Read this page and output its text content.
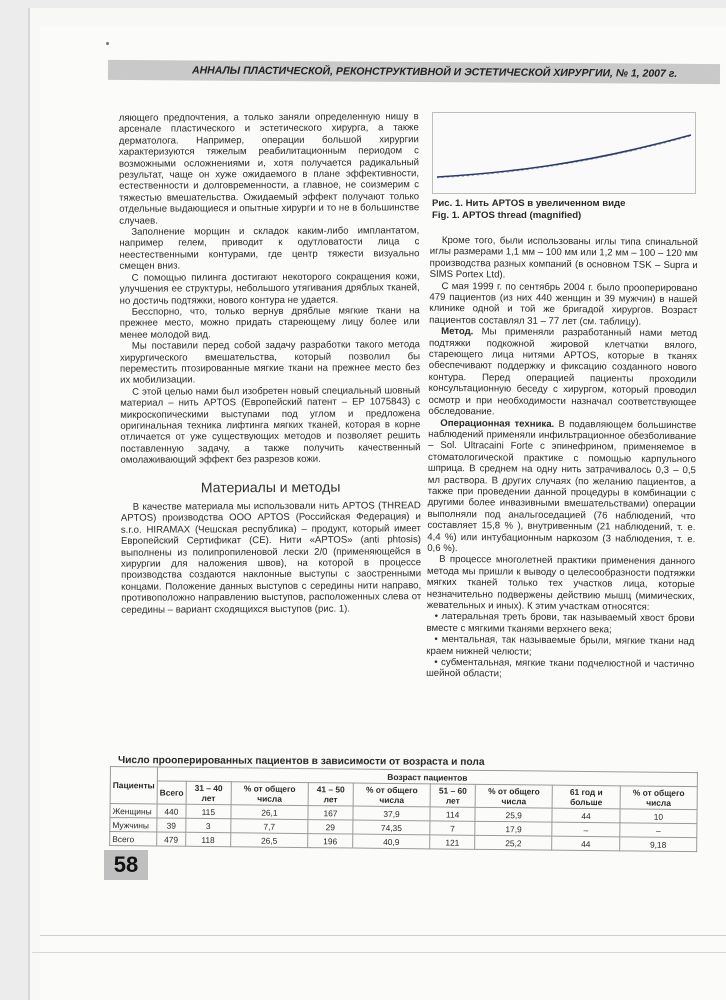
АННАЛЫ ПЛАСТИЧЕСКОЙ, РЕКОНСТРУКТИВНОЙ И ЭСТЕТИЧЕСКОЙ ХИРУРГИИ, № 1, 2007 г.

ляющего предпочтения, а только заняли определенную нишу в арсенале пластического и эстетического хирурга, а также дерматолога. Например, операции большой хирургии характеризуются тяжелым реабилитационным периодом с возможными осложнениями и, хотя получается радикальный результат, чаще он хуже ожидаемого в плане эффективности, естественности и долговременности, а главное, не соизмерим с тяжестью вмешательства. Ожидаемый эффект получают только отдельные выдающиеся и опытные хирурги и то не в большинстве случаев.

Заполнение морщин и складок каким-либо имплантатом, например гелем, приводит к одутловатости лица с неестественными контурами, где центр тяжести визуально смещен вниз.

С помощью пилинга достигают некоторого сокращения кожи, улучшения ее структуры, небольшого утягивания дряблых тканей, но достичь подтяжки, нового контура не удается.

Бесспорно, что, только вернув дряблые мягкие ткани на прежнее место, можно придать стареющему лицу более или менее молодой вид.

Мы поставили перед собой задачу разработки такого метода хирургического вмешательства, который позволил бы переместить птозированные мягкие ткани на прежнее место без их мобилизации.

С этой целью нами был изобретен новый специальный шовный материал – нить APTOS (Европейский патент – EP 1075843) с микроскопическими выступами под углом и предложена оригинальная техника лифтинга мягких тканей, которая в корне отличается от уже существующих методов и позволяет решить поставленную задачу, а также получить качественный омолаживающий эффект без разрезов кожи.

Материалы и методы

В качестве материала мы использовали нить APTOS (THREAD APTOS) производства ООО APTOS (Российская Федерация) и s.r.o. HIRAMAX (Чешская республика) – продукт, который имеет Европейский Сертификат (CE). Нити «APTOS» (anti phtosis) выполнены из полипропиленовой лески 2/0 (применяющейся в хирургии для наложения швов), на которой в процессе производства создаются наклонные выступы с заостренными концами. Положение данных выступов с середины нити направо, противоположно направлению выступов, расположенных слева от середины – вариант сходящихся выступов (рис. 1).

Рис. 1. Нить APTOS в увеличенном виде
Fig. 1. APTOS thread (magnified)

Кроме того, были использованы иглы типа спинальной иглы размерами 1,1 мм – 100 мм или 1,2 мм – 100 – 120 мм производства разных компаний (в основном TSK – Supra и SIMS Portex Ltd).

С мая 1999 г. по сентябрь 2004 г. было прооперировано 479 пациентов (из них 440 женщин и 39 мужчин) в нашей клинике одной и той же бригадой хирургов. Возраст пациентов составлял 31 – 77 лет (см. таблицу).

Метод. Мы применяли разработанный нами метод подтяжки подкожной жировой клетчатки вялого, стареющего лица нитями APTOS, которые в тканях обеспечивают поддержку и фиксацию созданного нового контура. Перед операцией пациенты проходили консультационную беседу с хирургом, который проводил осмотр и при необходимости назначал соответствующее обследование.

Операционная техника. В подавляющем большинстве наблюдений применяли инфильтрационное обезболивание – Sol. Ultracaini Forte с эпинефрином, применяемое в стоматологической практике с помощью карпульного шприца. В среднем на одну нить затрачивалось 0,3 – 0,5 мл раствора. В других случаях (по желанию пациентов, а также при проведении данной процедуры в комбинации с другими более инвазивными вмешательствами) операции выполняли под анальгоседацией (76 наблюдений, что составляет 15,8 % ), внутривенным (21 наблюдений, т. е. 4,4 %) или интубационным наркозом (3 наблюдения, т. е. 0,6 %).

В процессе многолетней практики применения данного метода мы пришли к выводу о целесообразности подтяжки мягких тканей только тех участков лица, которые незначительно подвержены действию мышц (мимических, жевательных и иных). К этим участкам относятся:

• латеральная треть брови, так называемый хвост брови вместе с мягкими тканями верхнего века;
• ментальная, так называемые брыли, мягкие ткани над краем нижней челюсти;
• субментальная, мягкие ткани подчелюстной и частично шейной области;
Число прооперированных пациентов в зависимости от возраста и пола
Пациенты	Возраст пациентов								
	Всего	31 – 40 лет	% от общего числа	41 – 50 лет	% от общего числа	51 – 60 лет	% от общего числа	61 год и больше	% от общего числа
Женщины	440	115	26,1	167	37,9	114	25,9	44	10
Мужчины	39	3	7,7	29	74,35	7	17,9	–	–
Всего	479	118	26,5	196	40,9	121	25,2	44	9,18
58
